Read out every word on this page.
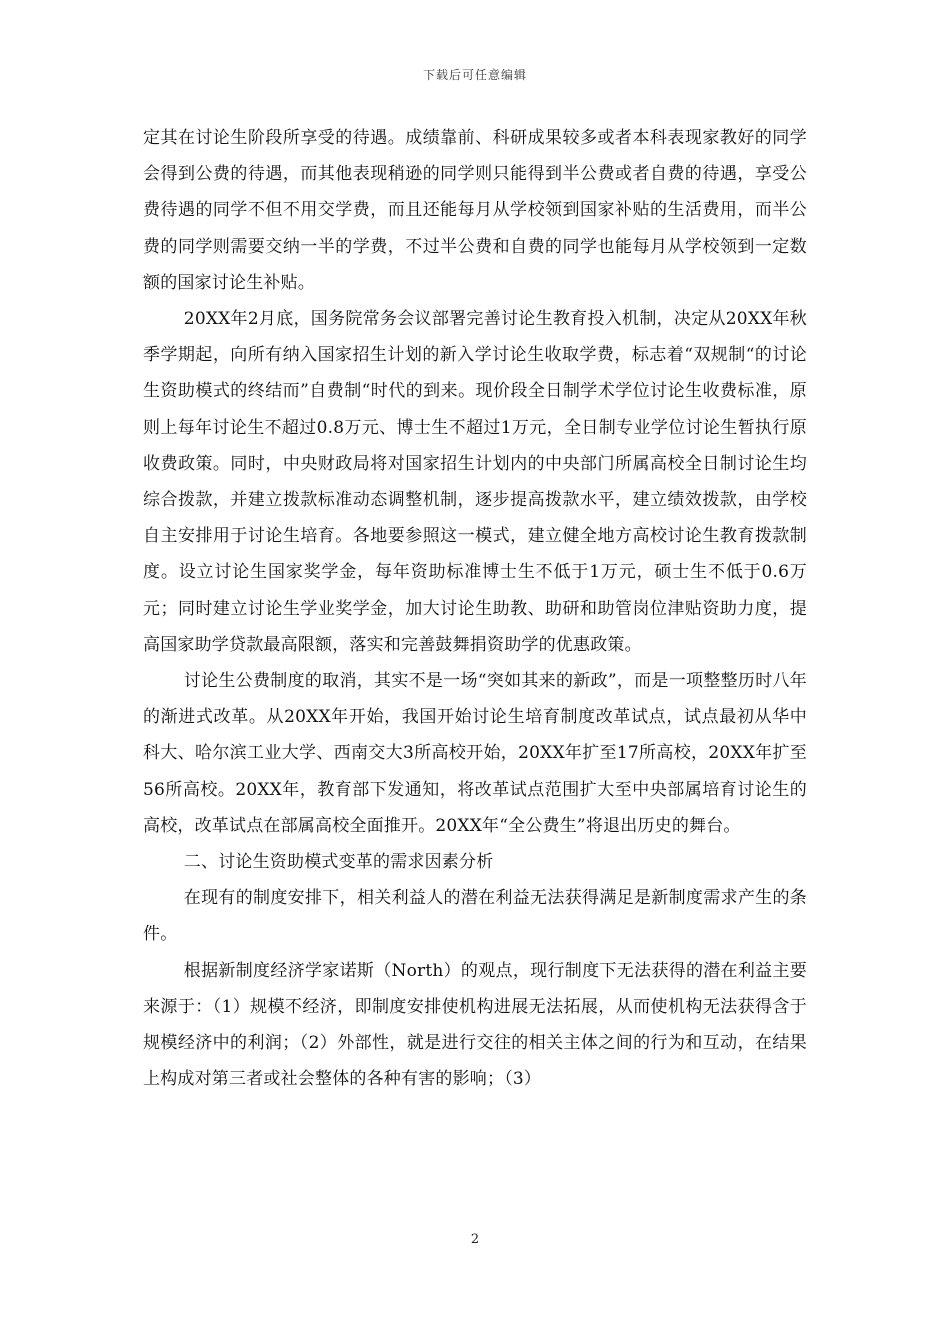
下载后可任意编辑

定其在讨论生阶段所享受的待遇。成绩靠前、科研成果较多或者本科表现家教好的同学会得到公费的待遇，而其他表现稍逊的同学则只能得到半公费或者自费的待遇，享受公费待遇的同学不但不用交学费，而且还能每月从学校领到国家补贴的生活费用，而半公费的同学则需要交纳一半的学费，不过半公费和自费的同学也能每月从学校领到一定数额的国家讨论生补贴。

20XX年2月底，国务院常务会议部署完善讨论生教育投入机制，决定从20XX年秋季学期起，向所有纳入国家招生计划的新入学讨论生收取学费，标志着“双规制“的讨论生资助模式的终结而”自费制“时代的到来。现价段全日制学术学位讨论生收费标准，原则上每年讨论生不超过0.8万元、博士生不超过1万元，全日制专业学位讨论生暂执行原收费政策。同时，中央财政局将对国家招生计划内的中央部门所属高校全日制讨论生均综合拨款，并建立拨款标准动态调整机制，逐步提高拨款水平，建立绩效拨款，由学校自主安排用于讨论生培育。各地要参照这一模式，建立健全地方高校讨论生教育拨款制度。设立讨论生国家奖学金，每年资助标准博士生不低于1万元，硕士生不低于0.6万元；同时建立讨论生学业奖学金，加大讨论生助教、助研和助管岗位津贴资助力度，提高国家助学贷款最高限额，落实和完善鼓舞捐资助学的优惠政策。

讨论生公费制度的取消，其实不是一场“突如其来的新政”，而是一项整整历时八年的渐进式改革。从20XX年开始，我国开始讨论生培育制度改革试点，试点最初从华中科大、哈尔滨工业大学、西南交大3所高校开始，20XX年扩至17所高校，20XX年扩至56所高校。20XX年，教育部下发通知，将改革试点范围扩大至中央部属培育讨论生的高校，改革试点在部属高校全面推开。20XX年“全公费生”将退出历史的舞台。

二、讨论生资助模式变革的需求因素分析

在现有的制度安排下，相关利益人的潜在利益无法获得满足是新制度需求产生的条件。

根据新制度经济学家诺斯（North）的观点，现行制度下无法获得的潜在利益主要来源于：（1）规模不经济，即制度安排使机构进展无法拓展，从而使机构无法获得含于规模经济中的利润；（2）外部性，就是进行交往的相关主体之间的行为和互动，在结果上构成对第三者或社会整体的各种有害的影响；（3）

2
